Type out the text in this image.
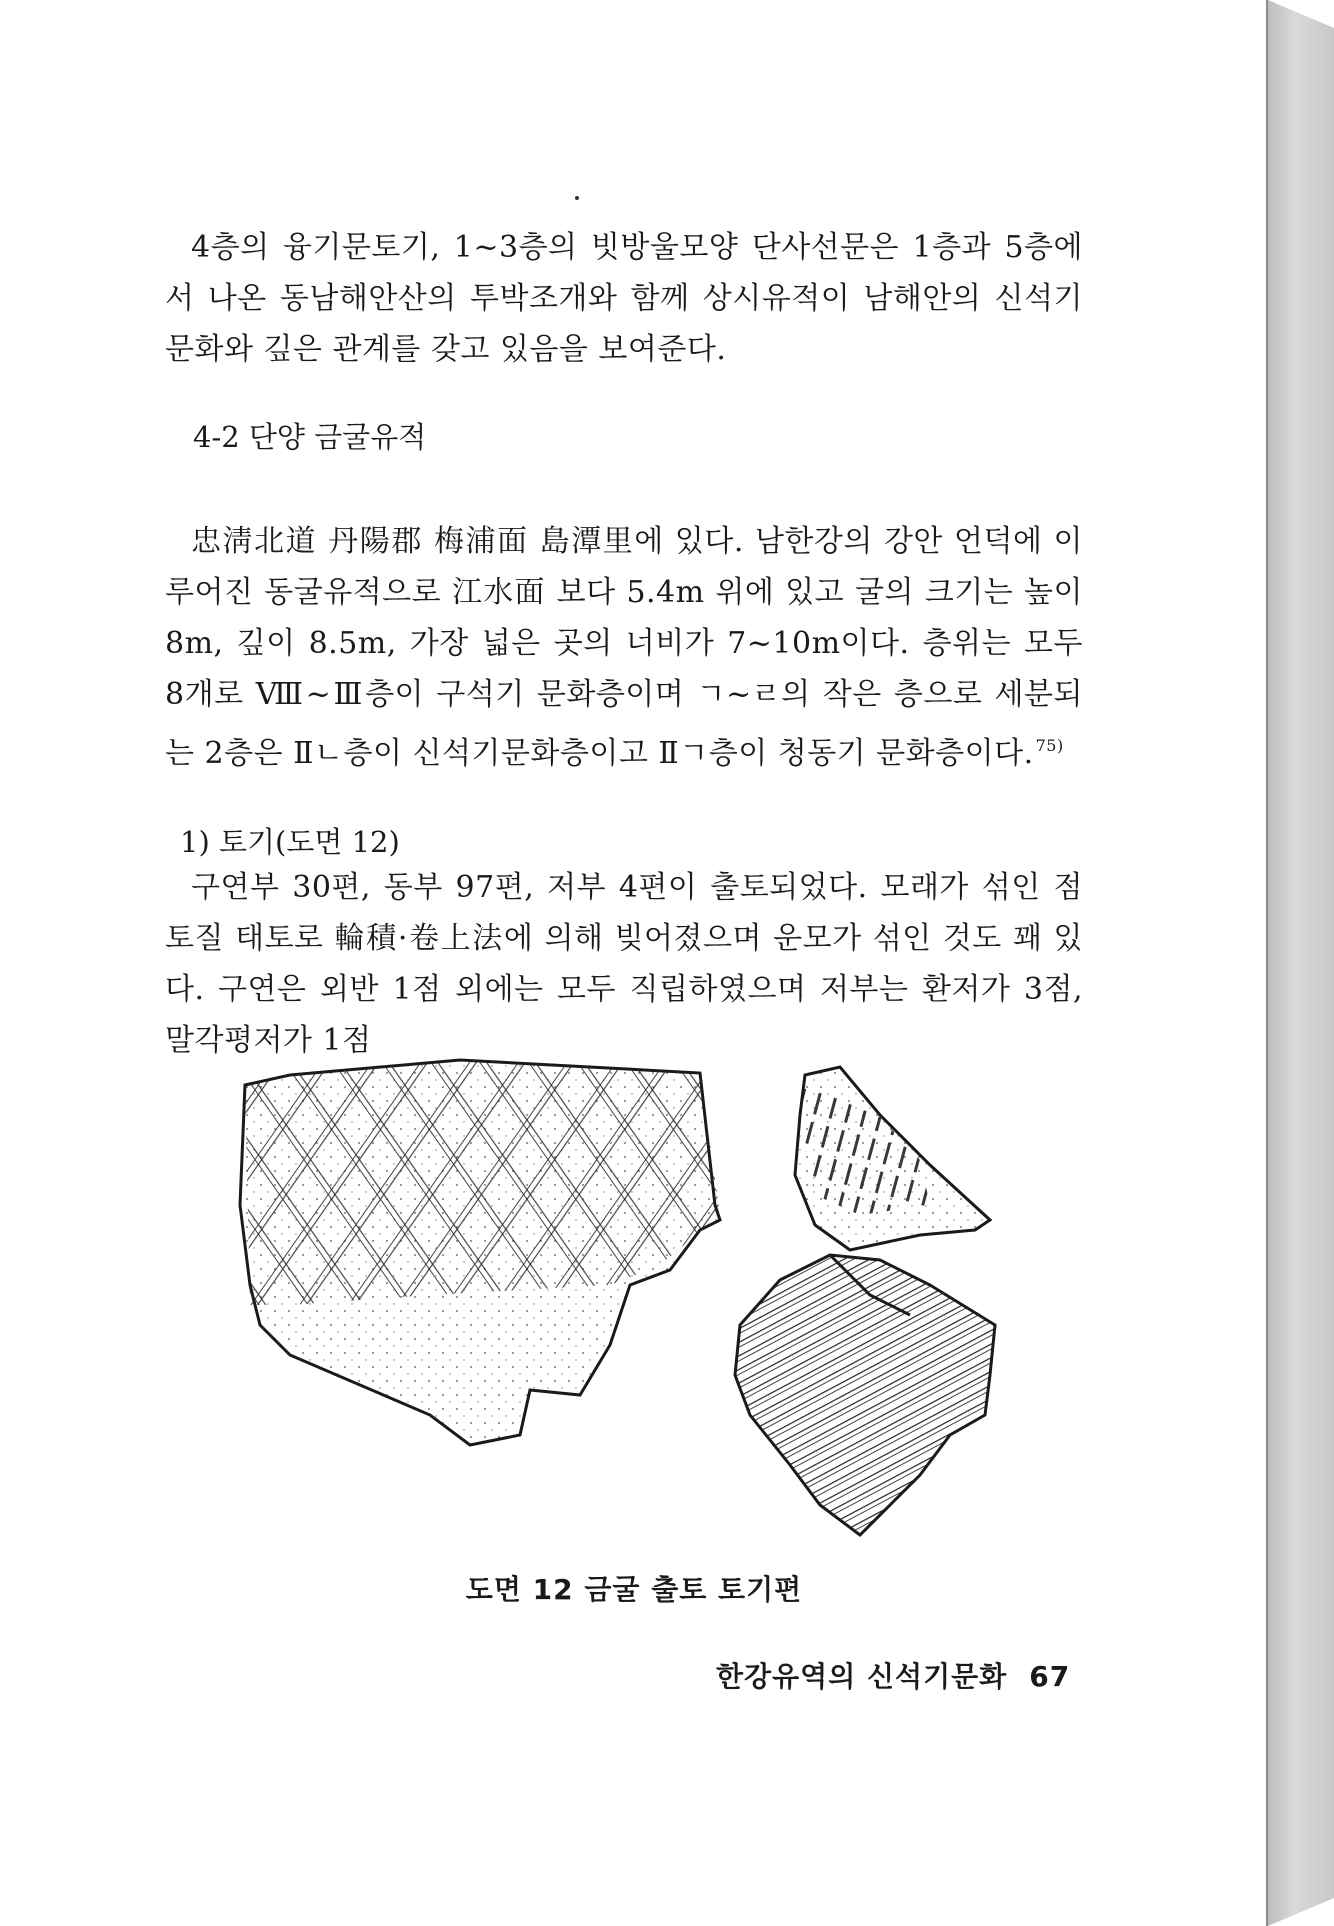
4층의 융기문토기, 1~3층의 빗방울모양 단사선문은 1층과 5층에서 나온 동남해안산의 투박조개와 함께 상시유적이 남해안의 신석기문화와 깊은 관계를 갖고 있음을 보여준다.
4-2 단양 금굴유적
忠淸北道 丹陽郡 梅浦面 島潭里에 있다. 남한강의 강안 언덕에 이루어진 동굴유적으로 江水面 보다 5.4m 위에 있고 굴의 크기는 높이 8m, 깊이 8.5m, 가장 넓은 곳의 너비가 7~10m이다. 층위는 모두 8개로 Ⅷ~Ⅲ층이 구석기 문화층이며 ㄱ~ㄹ의 작은 층으로 세분되는 2층은 Ⅱㄴ층이 신석기문화층이고 Ⅱㄱ층이 청동기 문화층이다. $^{75)}$
1) 토기(도면 12)
구연부 30편, 동부 97편, 저부 4편이 출토되었다. 모래가 섞인 점토질 태토로 輪積·卷上法에 의해 빚어졌으며 운모가 섞인 것도 꽤 있다. 구연은 외반 1점 외에는 모두 직립하였으며 저부는 환저가 3점, 말각평저가 1점
도면 12 금굴 출토 토기편
한강유역의 신석기문화 67
